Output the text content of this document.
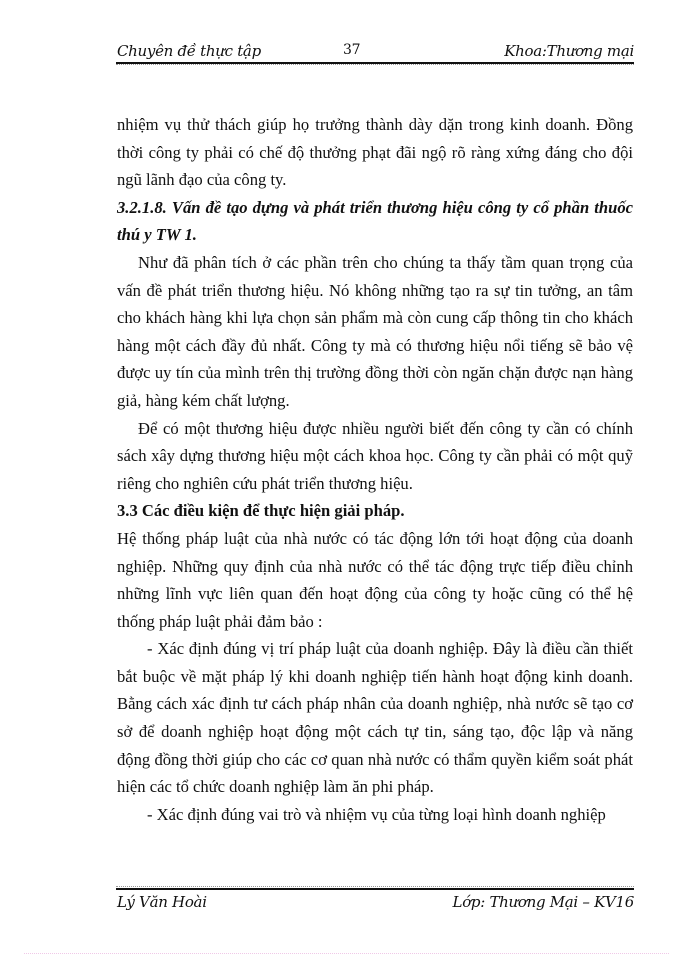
Chuyên đề thực tập	37	Khoa:Thương mại

nhiệm vụ thử thách giúp họ trưởng thành dày dặn trong kinh doanh. Đồng thời công ty phải có chế độ thưởng phạt đãi ngộ rõ ràng xứng đáng cho đội ngũ lãnh đạo của công ty.

3.2.1.8. Vấn đề tạo dựng và phát triển thương hiệu công ty cổ phần thuốc thú y TW 1.

Như đã phân tích ở các phần trên cho chúng ta thấy tầm quan trọng của vấn đề phát triển thương hiệu. Nó không những tạo ra sự tin tưởng, an tâm cho khách hàng khi lựa chọn sản phẩm mà còn cung cấp thông tin cho khách hàng một cách đầy đủ nhất. Công ty mà có thương hiệu nổi tiếng sẽ bảo vệ được uy tín của mình trên thị trường đồng thời còn ngăn chặn được nạn hàng giả, hàng kém chất lượng.

Để có một thương hiệu được nhiều người biết đến công ty cần có chính sách xây dựng thương hiệu một cách khoa học. Công ty cần phải có một quỹ riêng cho nghiên cứu phát triển thương hiệu.

3.3 Các điều kiện để thực hiện giải pháp.

Hệ thống pháp luật của nhà nước có tác động lớn tới hoạt động của doanh nghiệp. Những quy định của nhà nước có thể tác động trực tiếp điều chỉnh những lĩnh vực liên quan đến hoạt động của công ty hoặc cũng có thể hệ thống pháp luật phải đảm bảo :

- Xác định đúng vị trí pháp luật của doanh nghiệp. Đây là điều cần thiết bắt buộc về mặt pháp lý khi doanh nghiệp tiến hành hoạt động kinh doanh. Bằng cách xác định tư cách pháp nhân của doanh nghiệp, nhà nước sẽ tạo cơ sở để doanh nghiệp hoạt động một cách tự tin, sáng tạo, độc lập và năng động đồng thời giúp cho các cơ quan nhà nước có thẩm quyền kiểm soát phát hiện các tổ chức doanh nghiệp làm ăn phi pháp.

- Xác định đúng vai trò và nhiệm vụ của từng loại hình doanh nghiệp

Lý Văn Hoài	Lớp: Thương Mại – KV16
